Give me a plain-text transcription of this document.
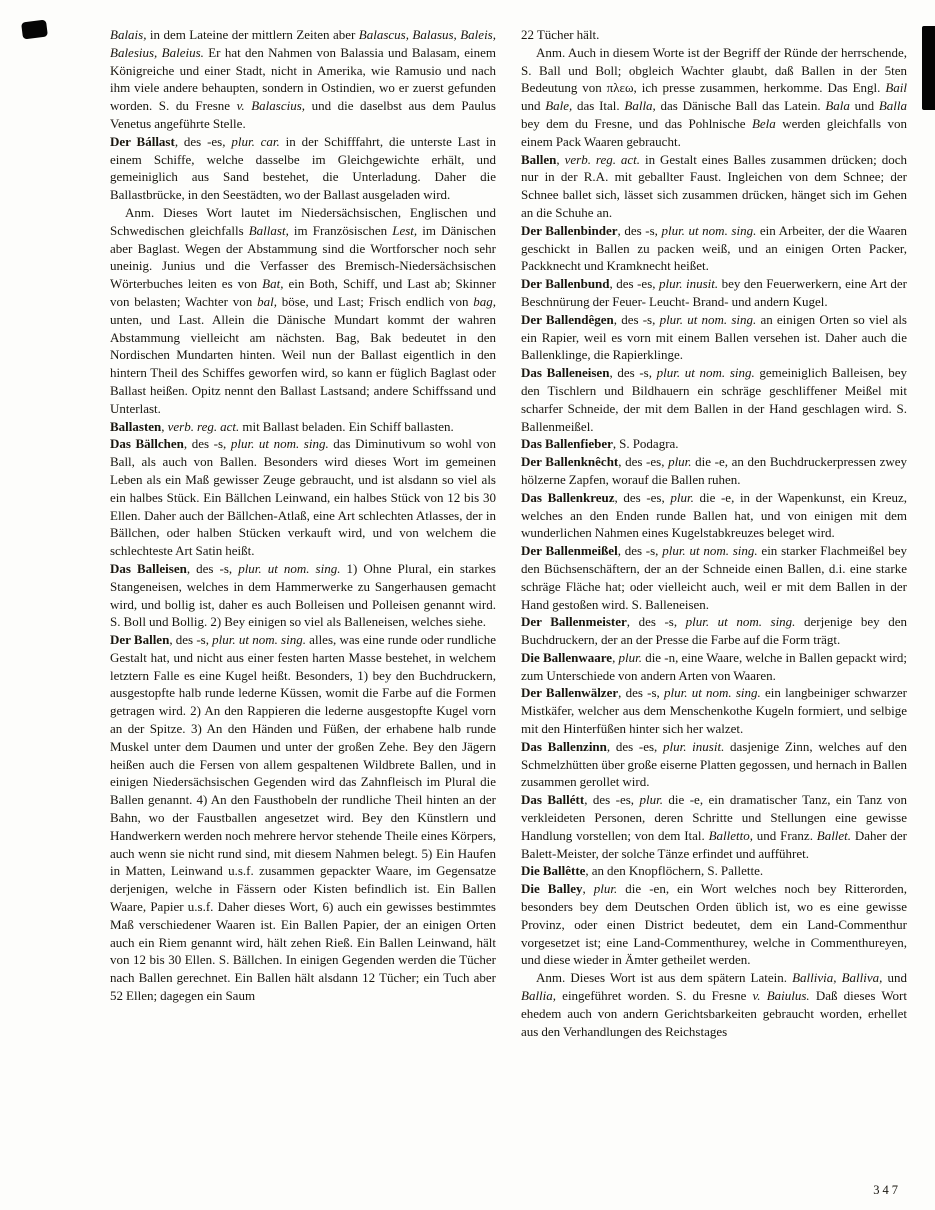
Balais, in dem Lateine der mittlern Zeiten aber Balascus, Balasus, Baleis, Balesius, Baleius. Er hat den Nahmen von Balassia und Balasam, einem Königreiche und einer Stadt, nicht in Amerika, wie Ramusio und nach ihm viele andere behaupten, sondern in Ostindien, wo er zuerst gefunden worden. S. du Fresne v. Balascius, und die daselbst aus dem Paulus Venetus angeführte Stelle.

Der Bállast, des -es, plur. car. in der Schifffahrt, die unterste Last in einem Schiffe, welche dasselbe im Gleichgewichte erhält, und gemeiniglich aus Sand bestehet, die Unterladung. Daher die Ballastbrücke, in den Seestädten, wo der Ballast ausgeladen wird.

Anm. Dieses Wort lautet im Niedersächsischen, Englischen und Schwedischen gleichfalls Ballast, im Französischen Lest, im Dänischen aber Baglast. Wegen der Abstammung sind die Wortforscher noch sehr uneinig. Junius und die Verfasser des Bremisch-Niedersächsischen Wörterbuches leiten es von Bat, ein Both, Schiff, und Last ab; Skinner von belasten; Wachter von bal, böse, und Last; Frisch endlich von bag, unten, und Last. Allein die Dänische Mundart kommt der wahren Abstammung vielleicht am nächsten. Bag, Bak bedeutet in den Nordischen Mundarten hinten. Weil nun der Ballast eigentlich in den hintern Theil des Schiffes geworfen wird, so kann er füglich Baglast oder Ballast heißen. Opitz nennt den Ballast Lastsand; andere Schiffssand und Unterlast.

Ballasten, verb. reg. act. mit Ballast beladen. Ein Schiff ballasten.

Das Bällchen, des -s, plur. ut nom. sing. das Diminutivum so wohl von Ball, als auch von Ballen. Besonders wird dieses Wort im gemeinen Leben als ein Maß gewisser Zeuge gebraucht, und ist alsdann so viel als ein halbes Stück. Ein Bällchen Leinwand, ein halbes Stück von 12 bis 30 Ellen. Daher auch der Bällchen-Atlaß, eine Art schlechten Atlasses, der in Bällchen, oder halben Stücken verkauft wird, und von welchem die schlechteste Art Satin heißt.

Das Balleisen, des -s, plur. ut nom. sing. 1) Ohne Plural, ein starkes Stangeneisen, welches in dem Hammerwerke zu Sangerhausen gemacht wird, und bollig ist, daher es auch Bolleisen und Polleisen genannt wird. S. Boll und Bollig. 2) Bey einigen so viel als Balleneisen, welches siehe.

Der Ballen, des -s, plur. ut nom. sing. alles, was eine runde oder rundliche Gestalt hat, und nicht aus einer festen harten Masse bestehet, in welchem letztern Falle es eine Kugel heißt. Besonders, 1) bey den Buchdruckern, ausgestopfte halb runde lederne Küssen, womit die Farbe auf die Formen getragen wird. 2) An den Rappieren die lederne ausgestopfte Kugel vorn an der Spitze. 3) An den Händen und Füßen, der erhabene halb runde Muskel unter dem Daumen und unter der großen Zehe. Bey den Jägern heißen auch die Fersen von allem gespaltenen Wildbrete Ballen, und in einigen Niedersächsischen Gegenden wird das Zahnfleisch im Plural die Ballen genannt. 4) An den Fausthobeln der rundliche Theil hinten an der Bahn, wo der Faustballen angesetzet wird. Bey den Künstlern und Handwerkern werden noch mehrere hervor stehende Theile eines Körpers, auch wenn sie nicht rund sind, mit diesem Nahmen belegt. 5) Ein Haufen in Matten, Leinwand u.s.f. zusammen gepackter Waare, im Gegensatze derjenigen, welche in Fässern oder Kisten befindlich ist. Ein Ballen Waare, Papier u.s.f. Daher dieses Wort, 6) auch ein gewisses bestimmtes Maß verschiedener Waaren ist. Ein Ballen Papier, der an einigen Orten auch ein Riem genannt wird, hält zehen Rieß. Ein Ballen Leinwand, hält von 12 bis 30 Ellen. S. Bällchen. In einigen Gegenden werden die Tücher nach Ballen gerechnet. Ein Ballen hält alsdann 12 Tücher; ein Tuch aber 52 Ellen; dagegen ein Saum

22 Tücher hält.

Anm. Auch in diesem Worte ist der Begriff der Ründe der herrschende, S. Ball und Boll; obgleich Wachter glaubt, daß Ballen in der 5ten Bedeutung von πλεω, ich presse zusammen, herkomme. Das Engl. Bail und Bale, das Ital. Balla, das Dänische Ball das Latein. Bala und Balla bey dem du Fresne, und das Pohlnische Bela werden gleichfalls von einem Pack Waaren gebraucht.

Ballen, verb. reg. act. in Gestalt eines Balles zusammen drücken; doch nur in der R.A. mit geballter Faust. Ingleichen von dem Schnee; der Schnee ballet sich, lässet sich zusammen drücken, hänget sich im Gehen an die Schuhe an.

Der Ballenbinder, des -s, plur. ut nom. sing. ein Arbeiter, der die Waaren geschickt in Ballen zu packen weiß, und an einigen Orten Packer, Packknecht und Kramknecht heißet.

Der Ballenbund, des -es, plur. inusit. bey den Feuerwerkern, eine Art der Beschnürung der Feuer- Leucht- Brand- und andern Kugel.

Der Ballendêgen, des -s, plur. ut nom. sing. an einigen Orten so viel als ein Rapier, weil es vorn mit einem Ballen versehen ist. Daher auch die Ballenklinge, die Rapierklinge.

Das Balleneisen, des -s, plur. ut nom. sing. gemeiniglich Balleisen, bey den Tischlern und Bildhauern ein schräge geschliffener Meißel mit scharfer Schneide, der mit dem Ballen in der Hand geschlagen wird. S. Ballenmeißel.

Das Ballenfieber, S. Podagra.

Der Ballenknêcht, des -es, plur. die -e, an den Buchdruckerpressen zwey hölzerne Zapfen, worauf die Ballen ruhen.

Das Ballenkreuz, des -es, plur. die -e, in der Wapenkunst, ein Kreuz, welches an den Enden runde Ballen hat, und von einigen mit dem wunderlichen Nahmen eines Kugelstabkreuzes beleget wird.

Der Ballenmeißel, des -s, plur. ut nom. sing. ein starker Flachmeißel bey den Büchsenschäftern, der an der Schneide einen Ballen, d.i. eine starke schräge Fläche hat; oder vielleicht auch, weil er mit dem Ballen in der Hand gestoßen wird. S. Balleneisen.

Der Ballenmeister, des -s, plur. ut nom. sing. derjenige bey den Buchdruckern, der an der Presse die Farbe auf die Form trägt.

Die Ballenwaare, plur. die -n, eine Waare, welche in Ballen gepackt wird; zum Unterschiede von andern Arten von Waaren.

Der Ballenwälzer, des -s, plur. ut nom. sing. ein langbeiniger schwarzer Mistkäfer, welcher aus dem Menschenkothe Kugeln formiert, und selbige mit den Hinterfüßen hinter sich her walzet.

Das Ballenzinn, des -es, plur. inusit. dasjenige Zinn, welches auf den Schmelzhütten über große eiserne Platten gegossen, und hernach in Ballen zusammen gerollet wird.

Das Ballétt, des -es, plur. die -e, ein dramatischer Tanz, ein Tanz von verkleideten Personen, deren Schritte und Stellungen eine gewisse Handlung vorstellen; von dem Ital. Balletto, und Franz. Ballet. Daher der Balett-Meister, der solche Tänze erfindet und aufführet.

Die Ballêtte, an den Knopflöchern, S. Pallette.

Die Balley, plur. die -en, ein Wort welches noch bey Ritterorden, besonders bey dem Deutschen Orden üblich ist, wo es eine gewisse Provinz, oder einen District bedeutet, dem ein Land-Commenthur vorgesetzet ist; eine Land-Commenthurey, welche in Commenthureyen, und diese wieder in Ämter getheilet werden.

Anm. Dieses Wort ist aus dem spätern Latein. Ballivia, Balliva, und Ballia, eingeführet worden. S. du Fresne v. Baiulus. Daß dieses Wort ehedem auch von andern Gerichtsbarkeiten gebraucht worden, erhellet aus den Verhandlungen des Reichstages

347
